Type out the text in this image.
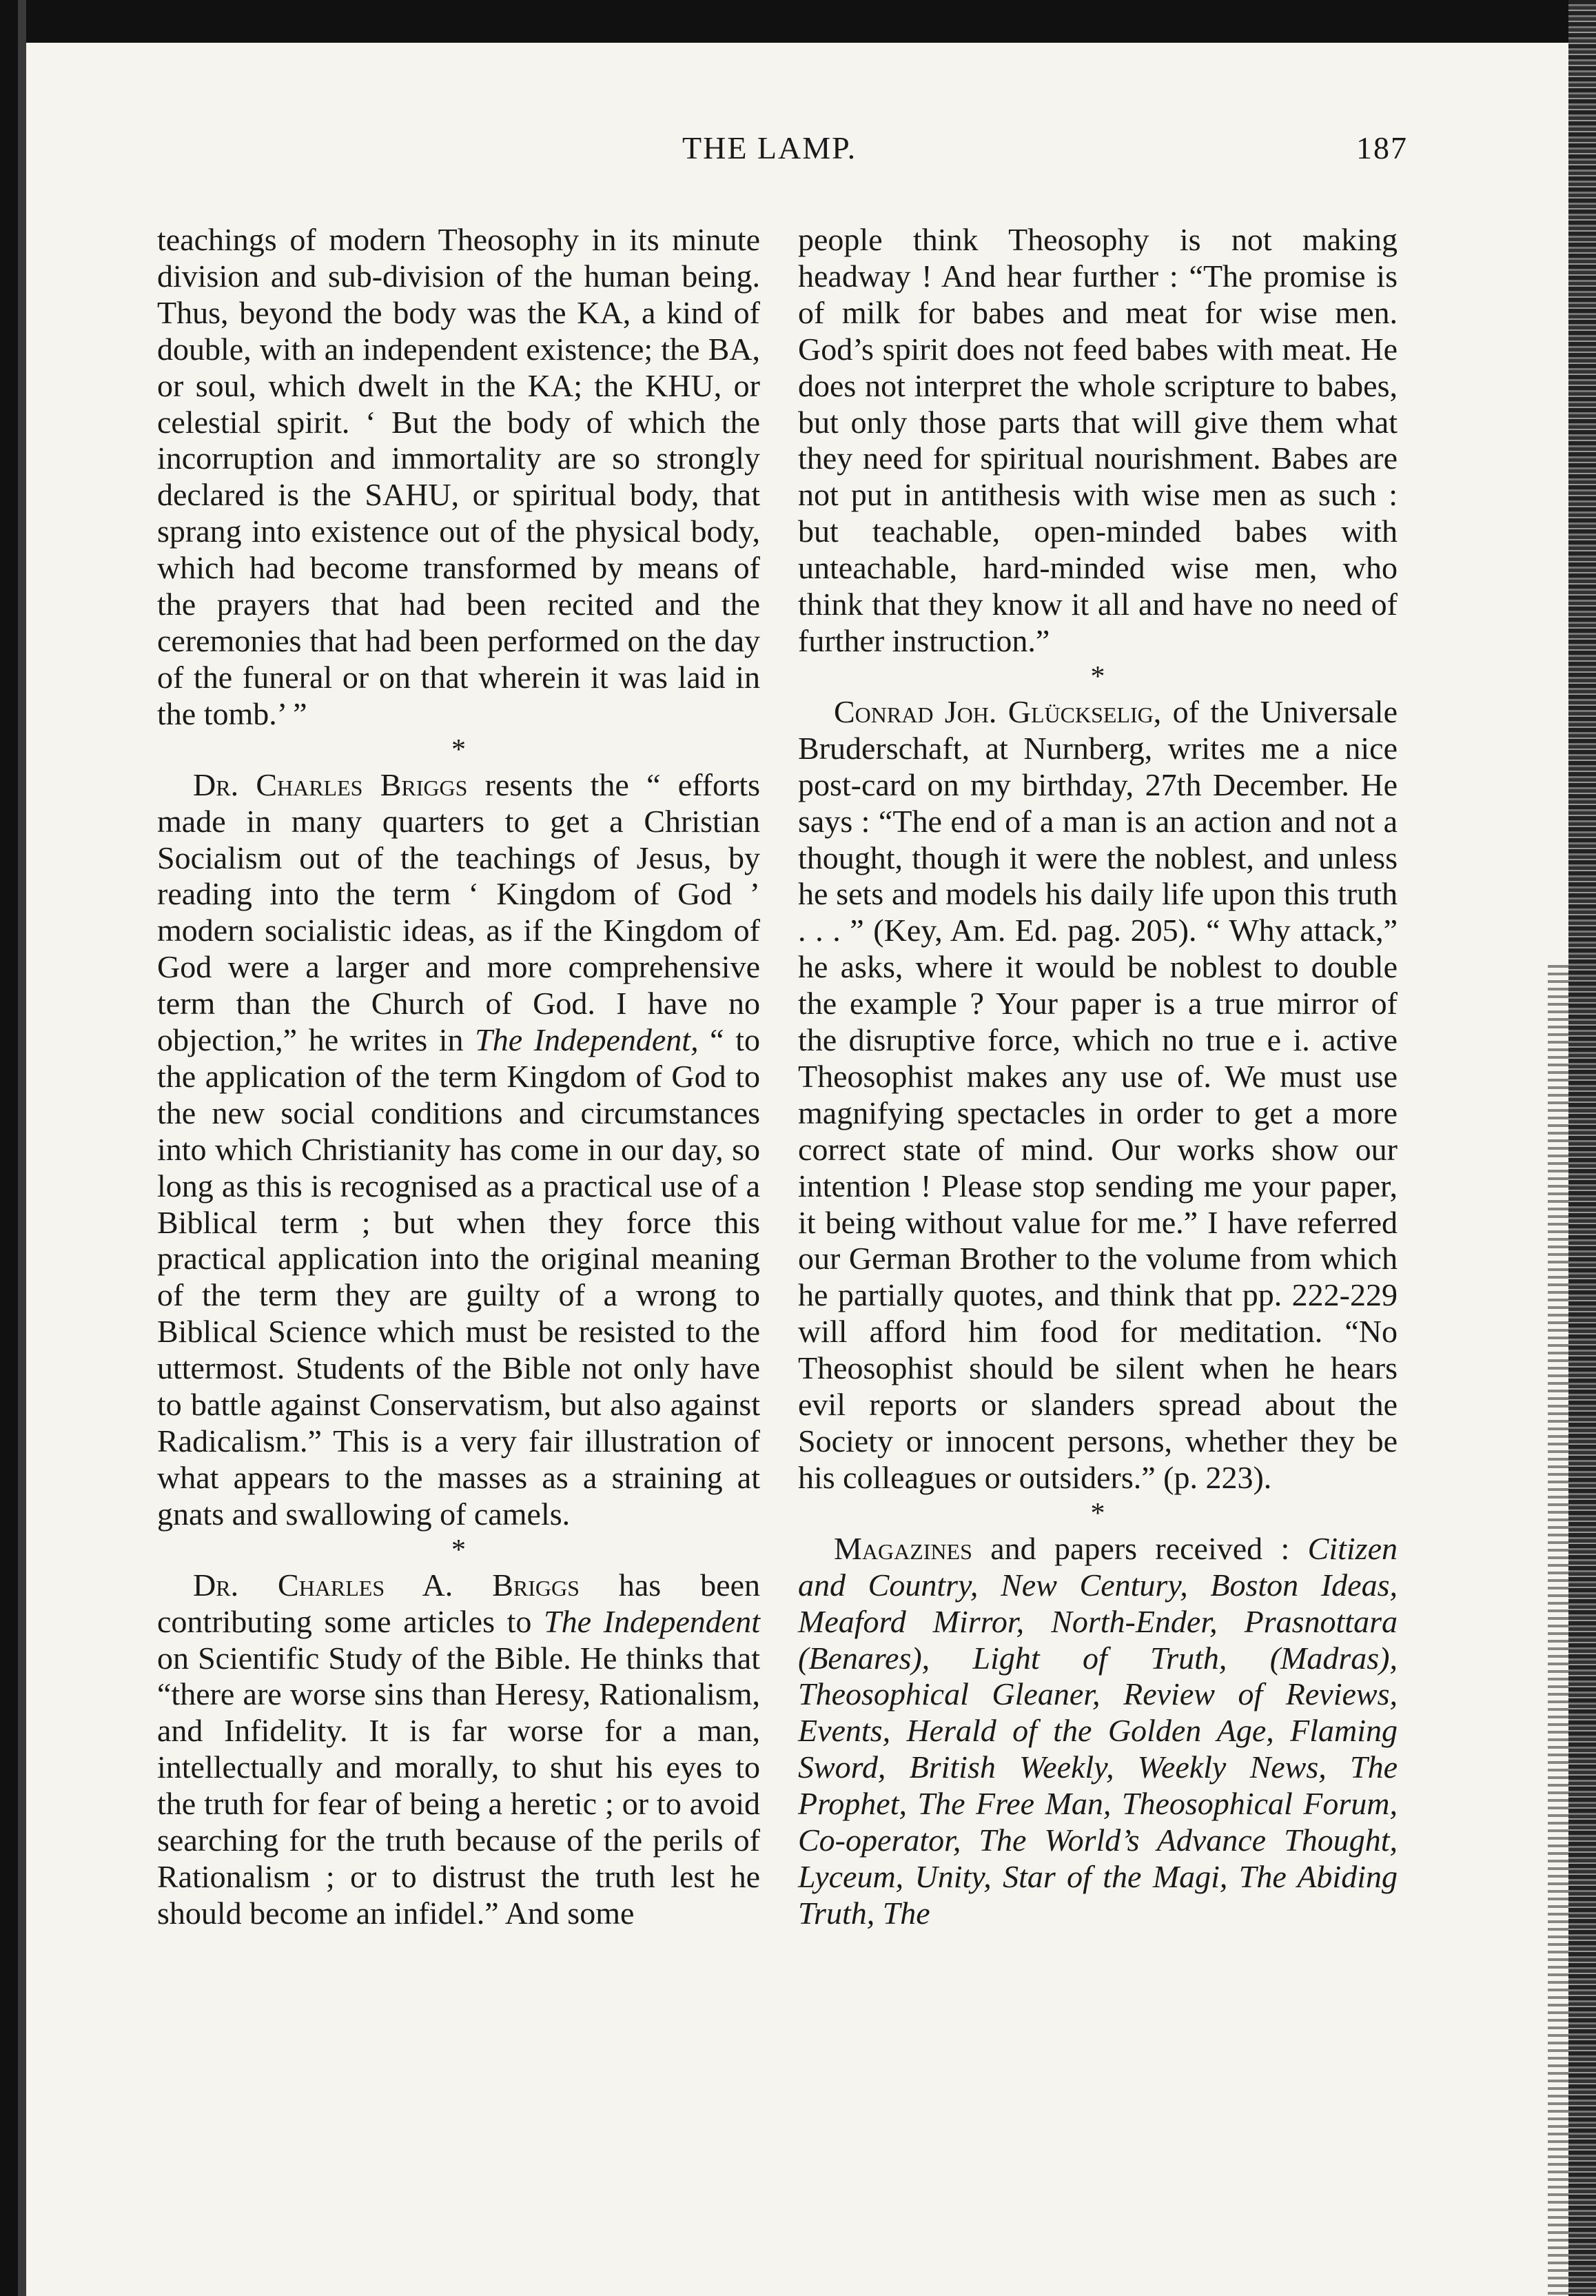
THE LAMP.	187

teachings of modern Theosophy in its minute division and sub-division of the human being. Thus, beyond the body was the KA, a kind of double, with an independent existence; the BA, or soul, which dwelt in the KA; the KHU, or celestial spirit. ‘ But the body of which the incorruption and immortality are so strongly declared is the SAHU, or spiritual body, that sprang into existence out of the physical body, which had become transformed by means of the prayers that had been recited and the ceremonies that had been performed on the day of the funeral or on that wherein it was laid in the tomb.’ ”

*

Dr. Charles Briggs resents the “ efforts made in many quarters to get a Christian Socialism out of the teachings of Jesus, by reading into the term ‘ Kingdom of God ’ modern socialistic ideas, as if the Kingdom of God were a larger and more comprehensive term than the Church of God. I have no objection,” he writes in The Independent, “ to the application of the term Kingdom of God to the new social conditions and circumstances into which Christianity has come in our day, so long as this is recognised as a practical use of a Biblical term ; but when they force this practical application into the original meaning of the term they are guilty of a wrong to Biblical Science which must be resisted to the uttermost. Students of the Bible not only have to battle against Conservatism, but also against Radicalism.” This is a very fair illustration of what appears to the masses as a straining at gnats and swallowing of camels.

*

Dr. Charles A. Briggs has been contributing some articles to The Independent on Scientific Study of the Bible. He thinks that “there are worse sins than Heresy, Rationalism, and Infidelity. It is far worse for a man, intellectually and morally, to shut his eyes to the truth for fear of being a heretic ; or to avoid searching for the truth because of the perils of Rationalism ; or to distrust the truth lest he should become an infidel.” And some

people think Theosophy is not making headway ! And hear further : “The promise is of milk for babes and meat for wise men. God’s spirit does not feed babes with meat. He does not interpret the whole scripture to babes, but only those parts that will give them what they need for spiritual nourishment. Babes are not put in antithesis with wise men as such : but teachable, open-minded babes with unteachable, hard-minded wise men, who think that they know it all and have no need of further instruction.”

*

Conrad Joh. Glückselig, of the Universale Bruderschaft, at Nurnberg, writes me a nice post-card on my birthday, 27th December. He says : “The end of a man is an action and not a thought, though it were the noblest, and unless he sets and models his daily life upon this truth . . . ” (Key, Am. Ed. pag. 205). “ Why attack,” he asks, where it would be noblest to double the example ? Your paper is a true mirror of the disruptive force, which no true e i. active Theosophist makes any use of. We must use magnifying spectacles in order to get a more correct state of mind. Our works show our intention ! Please stop sending me your paper, it being without value for me.” I have referred our German Brother to the volume from which he partially quotes, and think that pp. 222-229 will afford him food for meditation. “No Theosophist should be silent when he hears evil reports or slanders spread about the Society or innocent persons, whether they be his colleagues or outsiders.” (p. 223).

*

Magazines and papers received : Citizen and Country, New Century, Boston Ideas, Meaford Mirror, North-Ender, Prasnottara (Benares), Light of Truth, (Madras), Theosophical Gleaner, Review of Reviews, Events, Herald of the Golden Age, Flaming Sword, British Weekly, Weekly News, The Prophet, The Free Man, Theosophical Forum, Co-operator, The World’s Advance Thought, Lyceum, Unity, Star of the Magi, The Abiding Truth, The
